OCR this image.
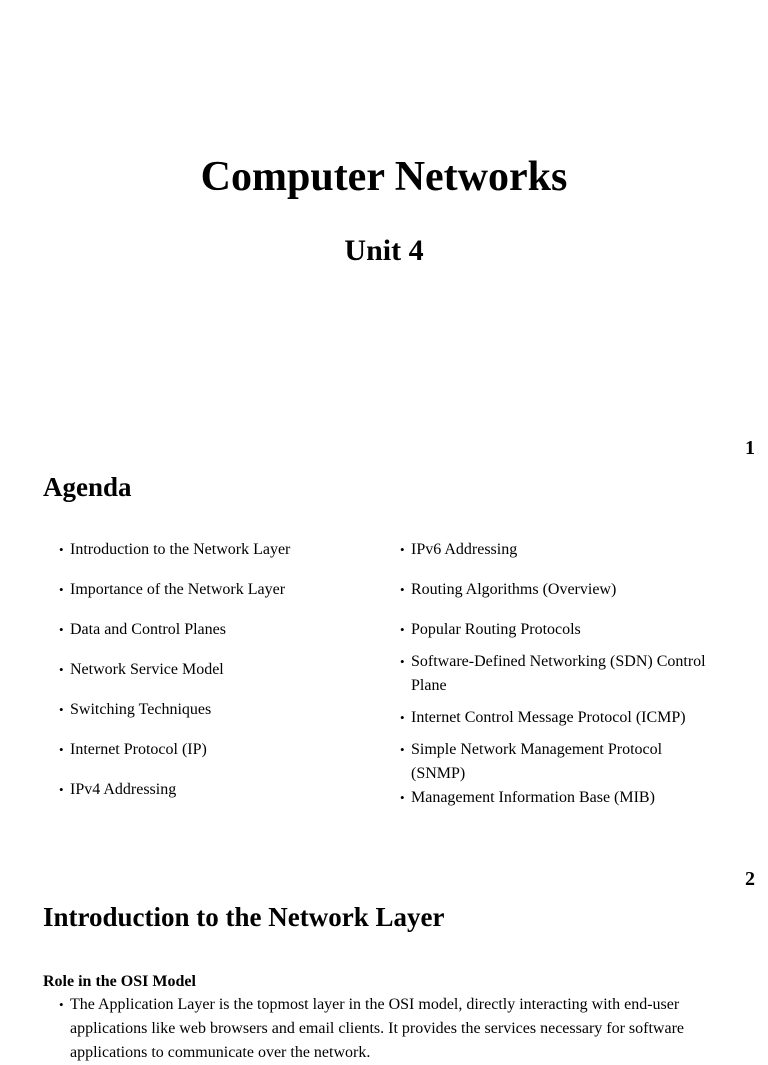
Computer Networks
Unit 4
1
Agenda
• Introduction to the Network Layer
• Importance of the Network Layer
• Data and Control Planes
• Network Service Model
• Switching Techniques
• Internet Protocol (IP)
• IPv4 Addressing
• IPv6 Addressing
• Routing Algorithms (Overview)
• Popular Routing Protocols
• Software-Defined Networking (SDN) Control Plane
• Internet Control Message Protocol (ICMP)
• Simple Network Management Protocol (SNMP)
• Management Information Base (MIB)
2
Introduction to the Network Layer
Role in the OSI Model
• The Application Layer is the topmost layer in the OSI model, directly interacting with end-user applications like web browsers and email clients. It provides the services necessary for software applications to communicate over the network.
